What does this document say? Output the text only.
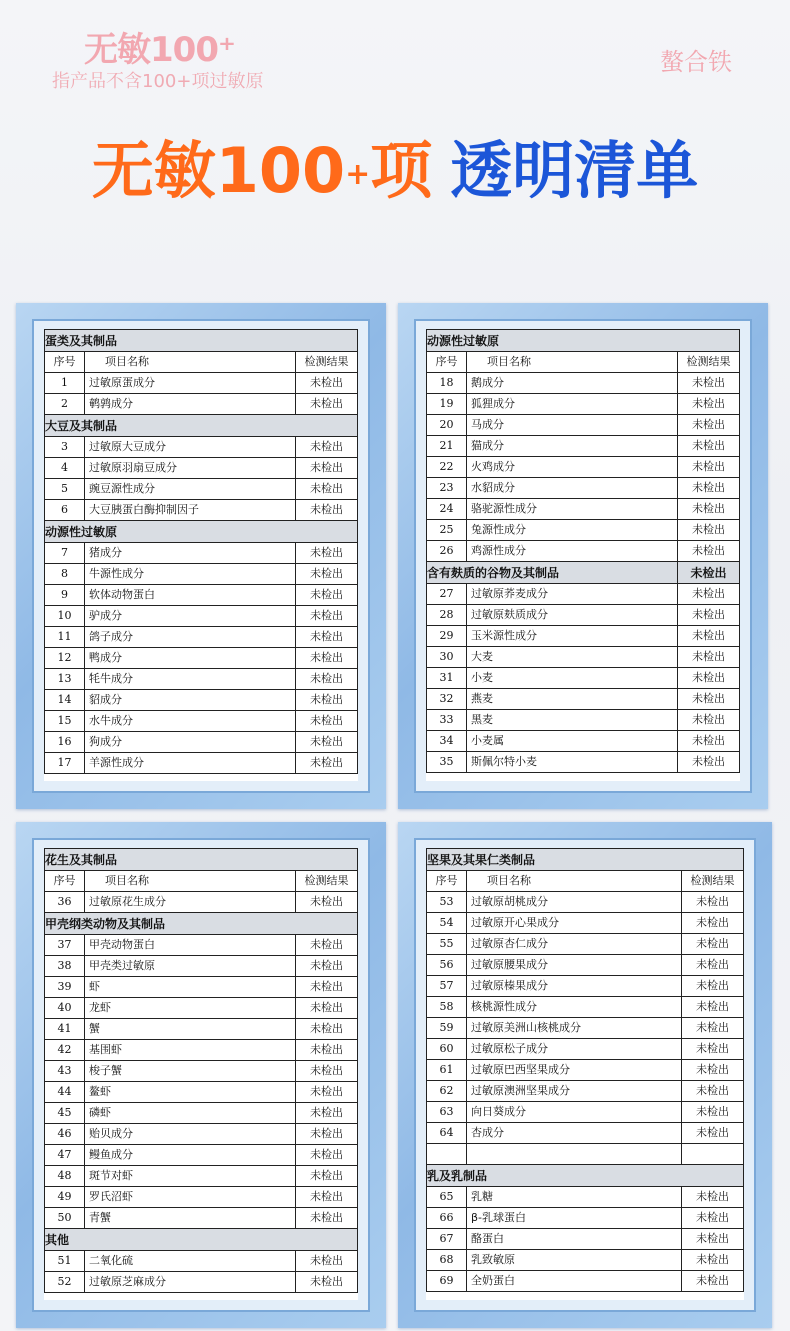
无敏100⁺
指产品不含100+项过敏原
螯合铁
无敏100+项 透明清单
蛋类及其制品		
序号	项目名称	检测结果
1	过敏原蛋成分	未检出
2	鹌鹑成分	未检出
大豆及其制品		
3	过敏原大豆成分	未检出
4	过敏原羽扇豆成分	未检出
5	豌豆源性成分	未检出
6	大豆胰蛋白酶抑制因子	未检出
动源性过敏原		
7	猪成分	未检出
8	牛源性成分	未检出
9	软体动物蛋白	未检出
10	驴成分	未检出
11	鸽子成分	未检出
12	鸭成分	未检出
13	牦牛成分	未检出
14	貂成分	未检出
15	水牛成分	未检出
16	狗成分	未检出
17	羊源性成分	未检出
动源性过敏原		
序号	项目名称	检测结果
18	鹅成分	未检出
19	狐狸成分	未检出
20	马成分	未检出
21	猫成分	未检出
22	火鸡成分	未检出
23	水貂成分	未检出
24	骆驼源性成分	未检出
25	兔源性成分	未检出
26	鸡源性成分	未检出
含有麸质的谷物及其制品		未检出
27	过敏原荞麦成分	未检出
28	过敏原麸质成分	未检出
29	玉米源性成分	未检出
30	大麦	未检出
31	小麦	未检出
32	燕麦	未检出
33	黑麦	未检出
34	小麦属	未检出
35	斯佩尔特小麦	未检出
花生及其制品		
序号	项目名称	检测结果
36	过敏原花生成分	未检出
甲壳纲类动物及其制品		
37	甲壳动物蛋白	未检出
38	甲壳类过敏原	未检出
39	虾	未检出
40	龙虾	未检出
41	蟹	未检出
42	基围虾	未检出
43	梭子蟹	未检出
44	鳌虾	未检出
45	磷虾	未检出
46	贻贝成分	未检出
47	鳗鱼成分	未检出
48	斑节对虾	未检出
49	罗氏沼虾	未检出
50	青蟹	未检出
其他		
51	二氧化硫	未检出
52	过敏原芝麻成分	未检出
坚果及其果仁类制品		
序号	项目名称	检测结果
53	过敏原胡桃成分	未检出
54	过敏原开心果成分	未检出
55	过敏原杏仁成分	未检出
56	过敏原腰果成分	未检出
57	过敏原榛果成分	未检出
58	核桃源性成分	未检出
59	过敏原美洲山核桃成分	未检出
60	过敏原松子成分	未检出
61	过敏原巴西坚果成分	未检出
62	过敏原澳洲坚果成分	未检出
63	向日葵成分	未检出
64	杏成分	未检出

乳及乳制品		
65	乳糖	未检出
66	β-乳球蛋白	未检出
67	酪蛋白	未检出
68	乳致敏原	未检出
69	全奶蛋白	未检出
